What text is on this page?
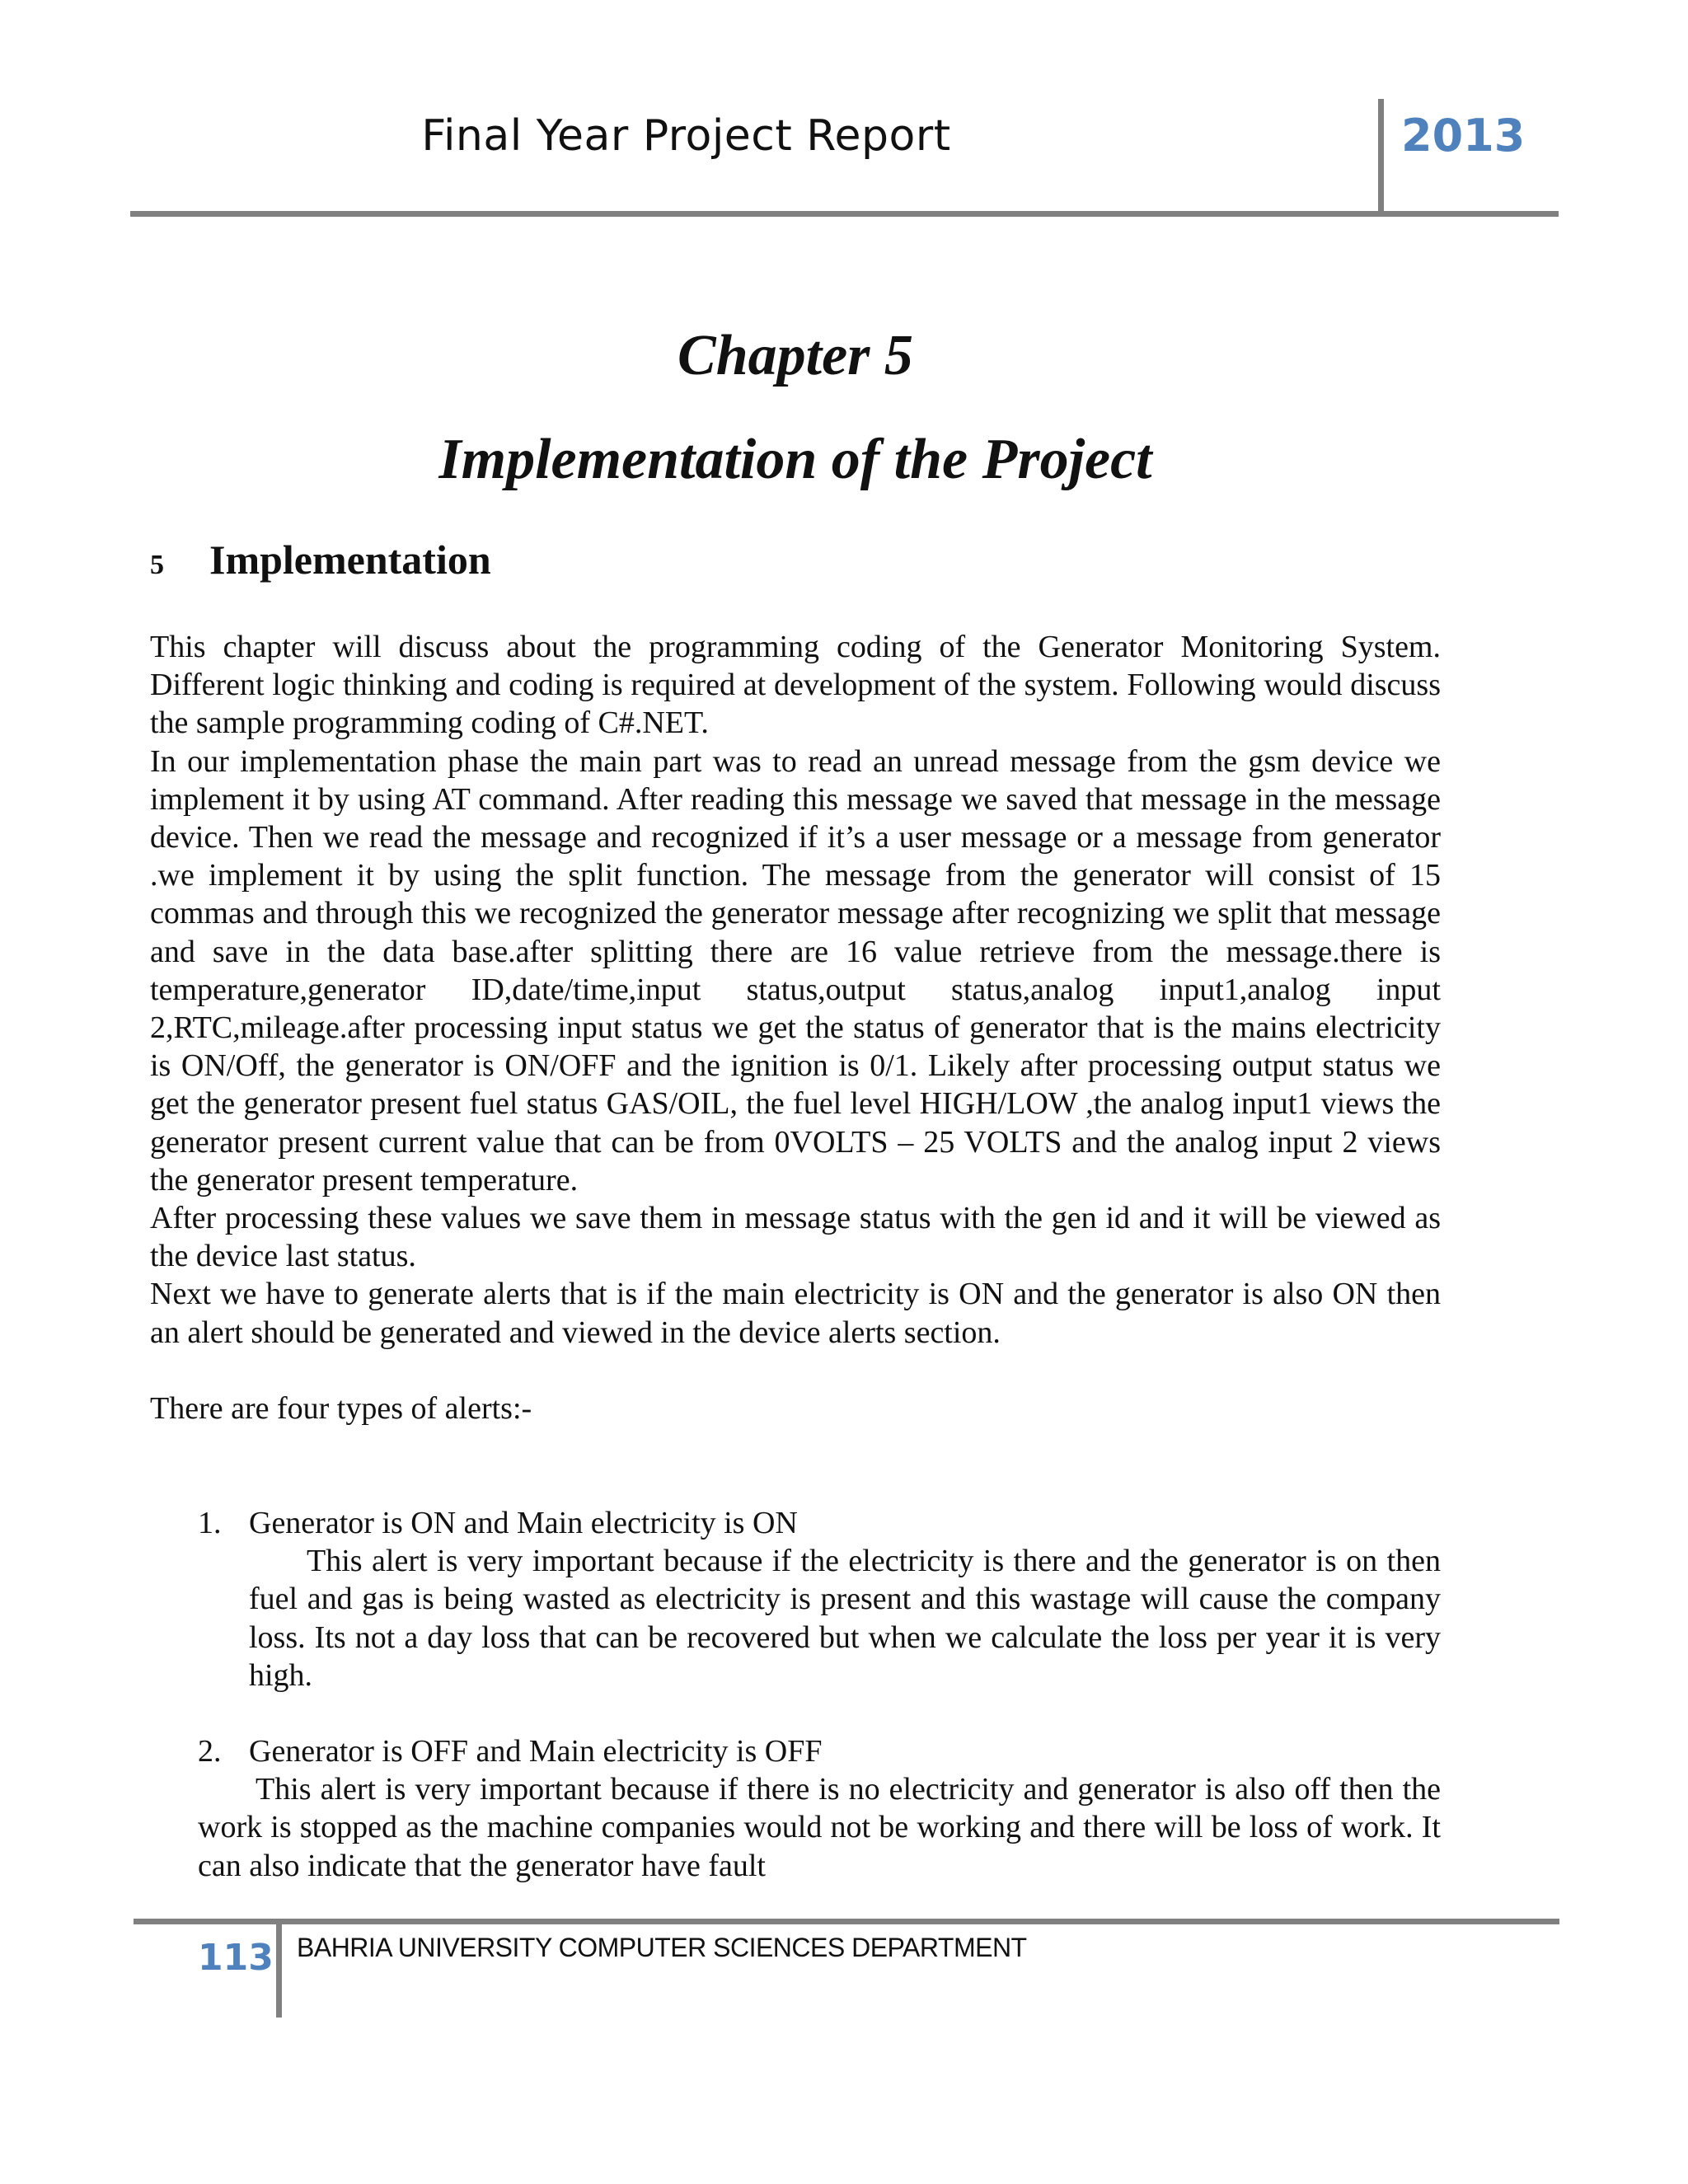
Final Year Project Report	2013
Chapter 5
Implementation of the Project
5 Implementation

This chapter will discuss about the programming coding of the Generator Monitoring System. Different logic thinking and coding is required at development of the system. Following would discuss the sample programming coding of C#.NET.

In our implementation phase the main part was to read an unread message from the gsm device we implement it by using AT command. After reading this message we saved that message in the message device. Then we read the message and recognized if it’s a user message or a message from generator .we implement it by using the split function. The message from the generator will consist of 15 commas and through this we recognized the generator message after recognizing we split that message and save in the data base.after splitting there are 16 value retrieve from the message.there is temperature,generator ID,date/time,input status,output status,analog input1,analog input 2,RTC,mileage.after processing input status we get the status of generator that is the mains electricity is ON/Off, the generator is ON/OFF and the ignition is 0/1. Likely after processing output status we get the generator present fuel status GAS/OIL, the fuel level HIGH/LOW ,the analog input1 views the generator present current value that can be from 0VOLTS – 25 VOLTS and the analog input 2 views the generator present temperature.

After processing these values we save them in message status with the gen id and it will be viewed as the device last status.

Next we have to generate alerts that is if the main electricity is ON and the generator is also ON then an alert should be generated and viewed in the device alerts section.

There are four types of alerts:-

1. Generator is ON and Main electricity is ON
This alert is very important because if the electricity is there and the generator is on then fuel and gas is being wasted as electricity is present and this wastage will cause the company loss. Its not a day loss that can be recovered but when we calculate the loss per year it is very high.
2. Generator is OFF and Main electricity is OFF
This alert is very important because if there is no electricity and generator is also off then the work is stopped as the machine companies would not be working and there will be loss of work. It can also indicate that the generator have fault
113 BAHRIA UNIVERSITY COMPUTER SCIENCES DEPARTMENT
